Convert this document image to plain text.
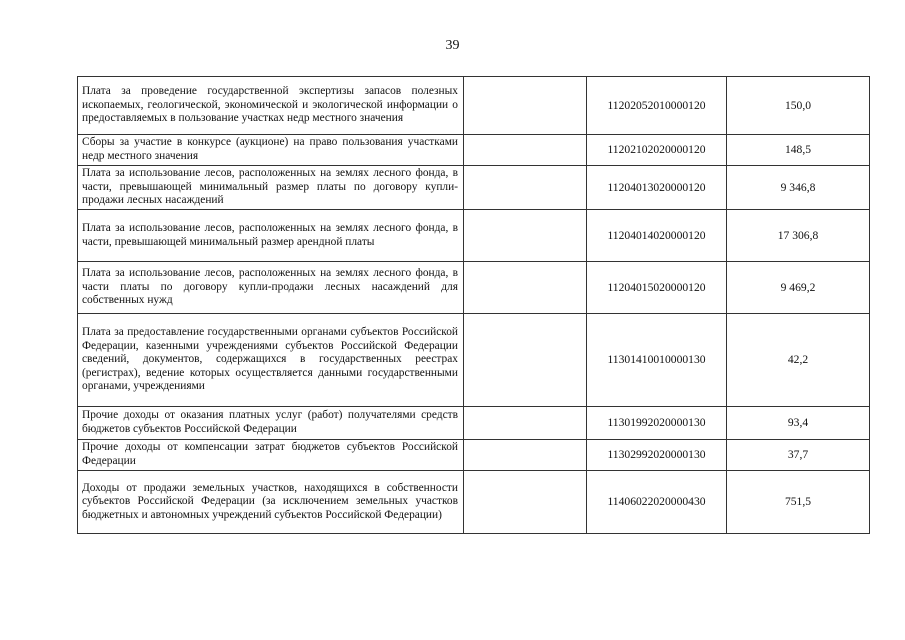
39
Плата за проведение государственной экспертизы запасов полезных ископаемых, геологической, экономической и экологической информации о предоставляемых в пользование участках недр местного значения		11202052010000120	150,0
Сборы за участие в конкурсе (аукционе) на право пользования участками недр местного значения		11202102020000120	148,5
Плата за использование лесов, расположенных на землях лесного фонда, в части, превышающей минимальный размер платы по договору купли-продажи лесных насаждений		11204013020000120	9 346,8
Плата за использование лесов, расположенных на землях лесного фонда, в части, превышающей минимальный размер арендной платы		11204014020000120	17 306,8
Плата за использование лесов, расположенных на землях лесного фонда, в части платы по договору купли-продажи лесных насаждений для собственных нужд		11204015020000120	9 469,2
Плата за предоставление государственными органами субъектов Российской Федерации, казенными учреждениями субъектов Российской Федерации сведений, документов, содержащихся в государственных реестрах (регистрах), ведение которых осуществляется данными государственными органами, учреждениями		11301410010000130	42,2
Прочие доходы от оказания платных услуг (работ) получателями средств бюджетов субъектов Российской Федерации		11301992020000130	93,4
Прочие доходы от компенсации затрат бюджетов субъектов Российской Федерации		11302992020000130	37,7
Доходы от продажи земельных участков, находящихся в собственности субъектов Российской Федерации (за исключением земельных участков бюджетных и автономных учреждений субъектов Российской Федерации)		11406022020000430	751,5
